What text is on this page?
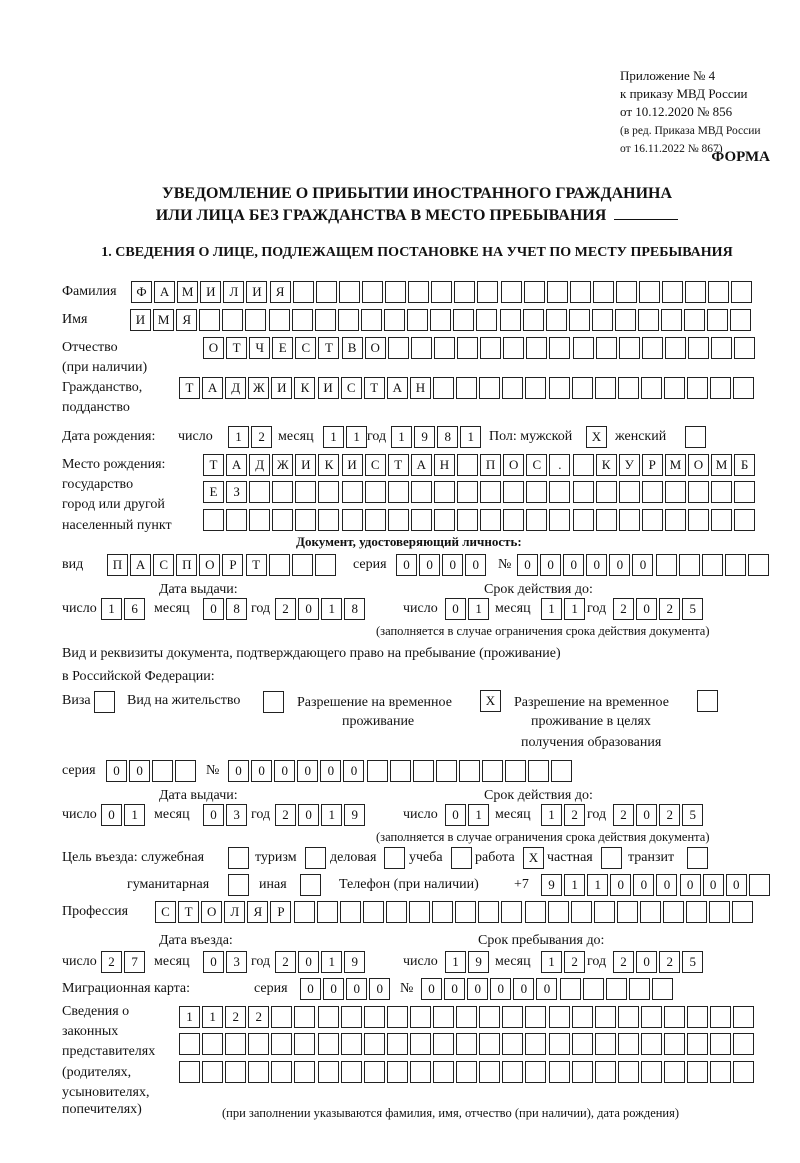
Приложение № 4
к приказу МВД России
от 10.12.2020 № 856
(в ред. Приказа МВД России
от 16.11.2022 № 867)
ФОРМА
УВЕДОМЛЕНИЕ О ПРИБЫТИИ ИНОСТРАННОГО ГРАЖДАНИНА
ИЛИ ЛИЦА БЕЗ ГРАЖДАНСТВА В МЕСТО ПРЕБЫВАНИЯ
1. СВЕДЕНИЯ О ЛИЦЕ, ПОДЛЕЖАЩЕМ ПОСТАНОВКЕ НА УЧЕТ ПО МЕСТУ ПРЕБЫВАНИЯ
Фамилия	Ф	А М И	Л	И	Я
Имя	И М Я
Отчество
(при наличии)
О	Т	Ч	Е	С	Т	В	О
Гражданство,
подданство
Т	А	Д Ж И	К	И	С	Т	А	Н
Дата рождения: число	1	2 месяц	1	1 год 1	9	8	1	Пол: мужской	X женский
Место рождения:
государство
город или другой
населенный пункт
Т	А	Д Ж И	К	И	С	Т	А	Н	П	О	С	.	К	У	Р	М О М	Б
Е	З
Документ, удостоверяющий личность:
вид	П	А	С	П	О	Р	Т	серия	0	0	0	0	№ 0	0	0	0	0	0
Дата выдачи:	Срок действия до:
число 1	6	месяц	0	8 год 2	0	1	8	число	0	1 месяц	1	1 год	2	0	2	5
(заполняется в случае ограничения срока действия документа)
Вид и реквизиты документа, подтверждающего право на пребывание (проживание)
в Российской Федерации:
Виза	Вид на жительство	Разрешение на временное
проживание
X	Разрешение на временное
проживание в целях
получения образования
серия	0	0	№	0	0	0	0	0	0
Дата выдачи:	Срок действия до:
число 0	1	месяц	0	3 год 2	0	1	9	число	0	1 месяц	1	2 год	2	0	2	5
(заполняется в случае ограничения срока действия документа)
Цель въезда: служебная	туризм деловая учеба работа	X частная	транзит
гуманитарная	иная	Телефон (при наличии)	+7	9	1	1	0	0	0	0	0	0
Профессия	С	Т	О	Л	Я	Р
Дата въезда:	Срок пребывания до:
число 2	7	месяц	0	3 год 2	0	1	9	число	1	9 месяц	1	2 год	2	0	2	5
Миграционная карта:	серия	0	0	0	0	№	0	0	0	0	0	0
Сведения о
законных
представителях
(родителях,
усыновителях,
попечителях)
1	1	2	2
(при заполнении указываются фамилия, имя, отчество (при наличии), дата рождения)
